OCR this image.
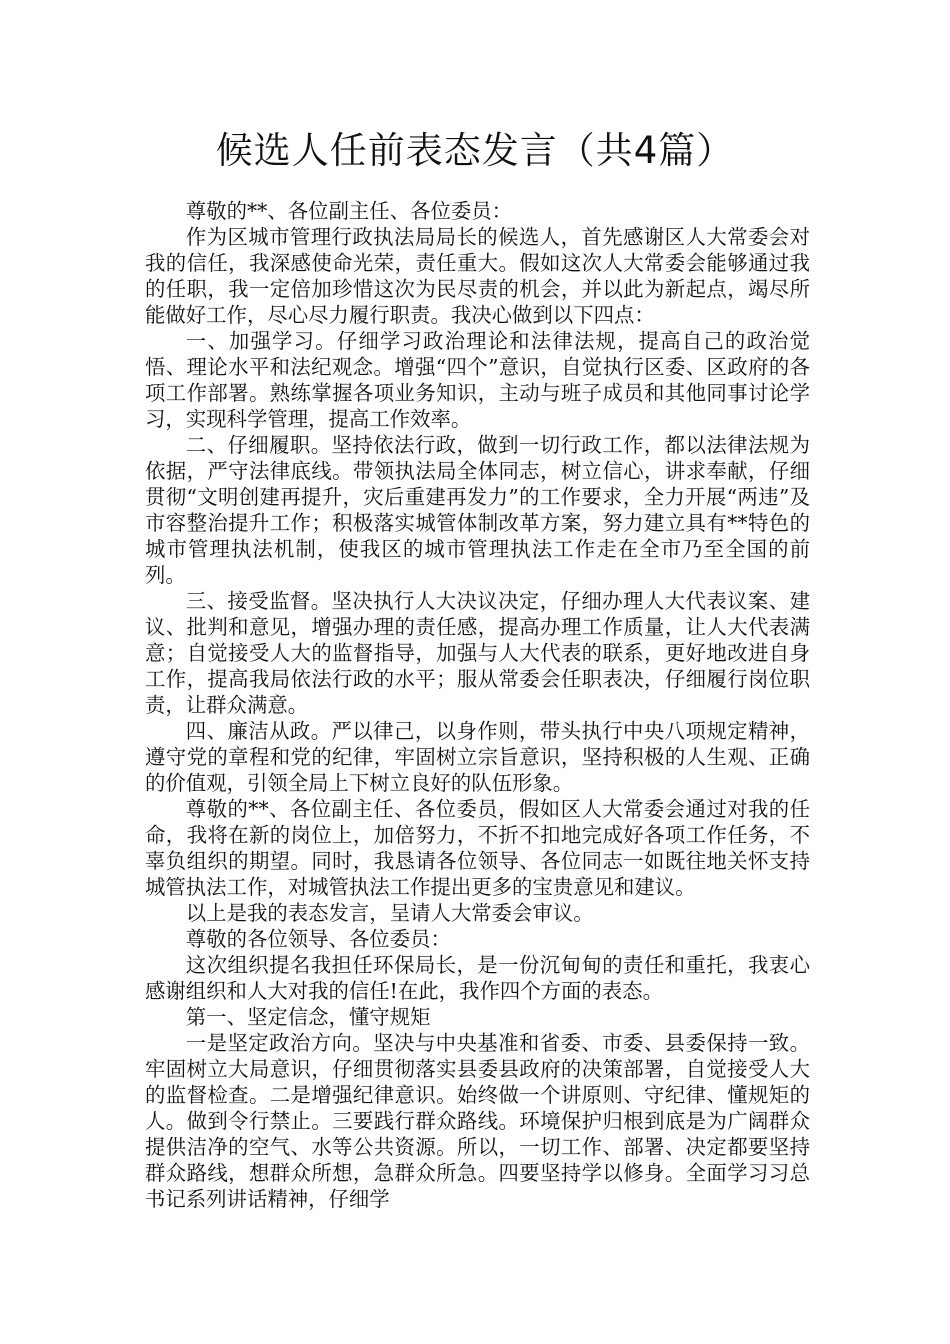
候选人任前表态发言（共4篇）

尊敬的**、各位副主任、各位委员：

作为区城市管理行政执法局局长的候选人，首先感谢区人大常委会对我的信任，我深感使命光荣，责任重大。假如这次人大常委会能够通过我的任职，我一定倍加珍惜这次为民尽责的机会，并以此为新起点，竭尽所能做好工作，尽心尽力履行职责。我决心做到以下四点：

一、加强学习。仔细学习政治理论和法律法规，提高自己的政治觉悟、理论水平和法纪观念。增强“四个”意识，自觉执行区委、区政府的各项工作部署。熟练掌握各项业务知识，主动与班子成员和其他同事讨论学习，实现科学管理，提高工作效率。

二、仔细履职。坚持依法行政，做到一切行政工作，都以法律法规为依据，严守法律底线。带领执法局全体同志，树立信心，讲求奉献，仔细贯彻“文明创建再提升，灾后重建再发力”的工作要求，全力开展“两违”及市容整治提升工作；积极落实城管体制改革方案，努力建立具有**特色的城市管理执法机制，使我区的城市管理执法工作走在全市乃至全国的前列。

三、接受监督。坚决执行人大决议决定，仔细办理人大代表议案、建议、批判和意见，增强办理的责任感，提高办理工作质量，让人大代表满意；自觉接受人大的监督指导，加强与人大代表的联系，更好地改进自身工作，提高我局依法行政的水平；服从常委会任职表决，仔细履行岗位职责，让群众满意。

四、廉洁从政。严以律己，以身作则，带头执行中央八项规定精神，遵守党的章程和党的纪律，牢固树立宗旨意识，坚持积极的人生观、正确的价值观，引领全局上下树立良好的队伍形象。

尊敬的**、各位副主任、各位委员，假如区人大常委会通过对我的任命，我将在新的岗位上，加倍努力，不折不扣地完成好各项工作任务，不辜负组织的期望。同时，我恳请各位领导、各位同志一如既往地关怀支持城管执法工作，对城管执法工作提出更多的宝贵意见和建议。

以上是我的表态发言，呈请人大常委会审议。

尊敬的各位领导、各位委员：

这次组织提名我担任环保局长，是一份沉甸甸的责任和重托，我衷心感谢组织和人大对我的信任!在此，我作四个方面的表态。

第一、坚定信念，懂守规矩

一是坚定政治方向。坚决与中央基准和省委、市委、县委保持一致。牢固树立大局意识，仔细贯彻落实县委县政府的决策部署，自觉接受人大的监督检查。二是增强纪律意识。始终做一个讲原则、守纪律、懂规矩的人。做到令行禁止。三要践行群众路线。环境保护归根到底是为广阔群众提供洁净的空气、水等公共资源。所以，一切工作、部署、决定都要坚持群众路线，想群众所想，急群众所急。四要坚持学以修身。全面学习习总书记系列讲话精神，仔细学
